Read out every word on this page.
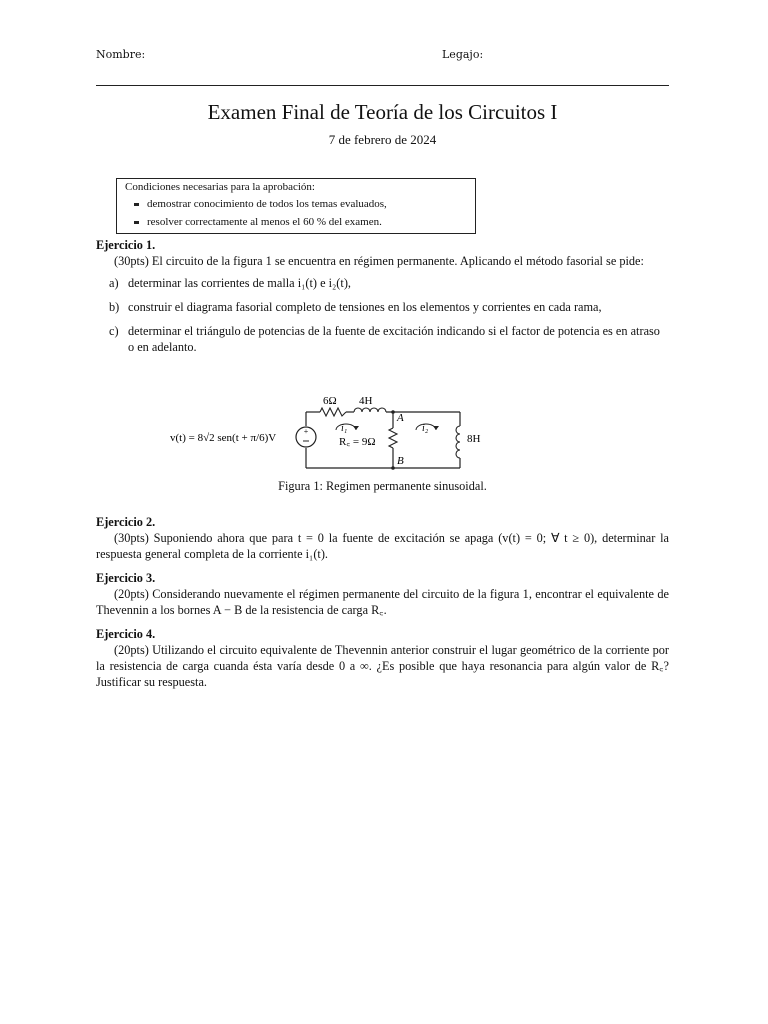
Nombre:	Legajo:
Examen Final de Teoría de los Circuitos I
7 de febrero de 2024
Condiciones necesarias para la aprobación:
demostrar conocimiento de todos los temas evaluados,
resolver correctamente al menos el 60 % del examen.
Ejercicio 1.

(30pts) El circuito de la figura 1 se encuentra en régimen permanente. Aplicando el método fasorial se pide:

a) determinar las corrientes de malla i₁(t) e i₂(t),
b) construir el diagrama fasorial completo de tensiones en los elementos y corrientes en cada rama,
c) determinar el triángulo de potencias de la fuente de excitación indicando si el factor de potencia es en atraso o en adelanto.
+
v(t) = 8√2 sen(t + π/6)V
6Ω 4H
8H
R꜀ = 9Ω
A
B
i₁	i₂
Figura 1: Regimen permanente sinusoidal.
Ejercicio 2.

(30pts) Suponiendo ahora que para t = 0 la fuente de excitación se apaga (v(t) = 0; ∀ t ≥ 0), determinar la respuesta general completa de la corriente i₁(t).

Ejercicio 3.

(20pts) Considerando nuevamente el régimen permanente del circuito de la figura 1, encontrar el equivalente de Thevennin a los bornes A − B de la resistencia de carga R꜀.

Ejercicio 4.

(20pts) Utilizando el circuito equivalente de Thevennin anterior construir el lugar geométrico de la corriente por la resistencia de carga cuanda ésta varía desde 0 a ∞. ¿Es posible que haya resonancia para algún valor de R꜀? Justificar su respuesta.
